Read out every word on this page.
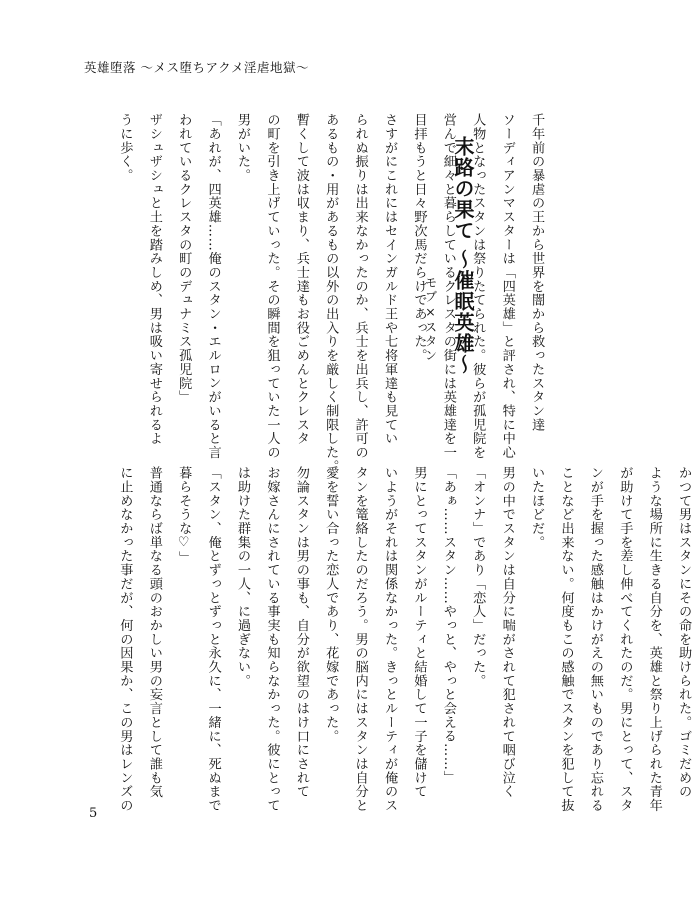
英雄堕落 〜メス堕ちアクメ淫虐地獄〜
末路の果て 〜催眠英雄〜
モブ×スタン	千年前の暴虐の王から世界を闇から救ったスタン達
ソーディアンマスターは「四英雄」と評され、特に中心
人物となったスタンは祭りたてられた。彼らが孤児院を
営んで細々と暮らしているクレスタの街には英雄達を一
目拝もうと日々野次馬だらけであった。
さすがにこれにはセインガルド王や七将軍達も見てい
られぬ振りは出来なかったのか、兵士を出兵し、許可の
あるもの・用があるもの以外の出入りを厳しく制限した。
暫くして波は収まり、兵士達もお役ごめんとクレスタ
の町を引き上げていった。その瞬間を狙っていた一人の
男がいた。
「あれが、四英雄……俺のスタン・エルロンがいると言
われているクレスタの町のデュナミス孤児院」
ザシュザシュと土を踏みしめ、男は吸い寄せられるよ
うに歩く。
かつて男はスタンにその命を助けられた。ゴミだめの
ような場所に生きる自分を、英雄と祭り上げられた青年
が助けて手を差し伸べてくれたのだ。男にとって、スタ
ンが手を握った感触はかけがえの無いものであり忘れる
ことなど出来ない。何度もこの感触でスタンを犯して抜
いたほどだ。
男の中でスタンは自分に喘がされて犯されて咽び泣く
「オンナ」であり「恋人」だった。
「あぁ……スタン……やっと、やっと会える……」
男にとってスタンがルーティと結婚して一子を儲けて
いようがそれは関係なかった。きっとルーティが俺のス
タンを篭絡したのだろう。男の脳内にはスタンは自分と
愛を誓い合った恋人であり、花嫁であった。
勿論スタンは男の事も、自分が欲望のはけ口にされて
お嫁さんにされている事実も知らなかった。彼にとって
は助けた群集の一人、に過ぎない。
「スタン、俺とずっとずっと永久に、一緒に、死ぬまで
暮らそうな♡」
普通ならば単なる頭のおかしい男の妄言として誰も気
に止めなかった事だが、何の因果か、この男はレンズの
5
